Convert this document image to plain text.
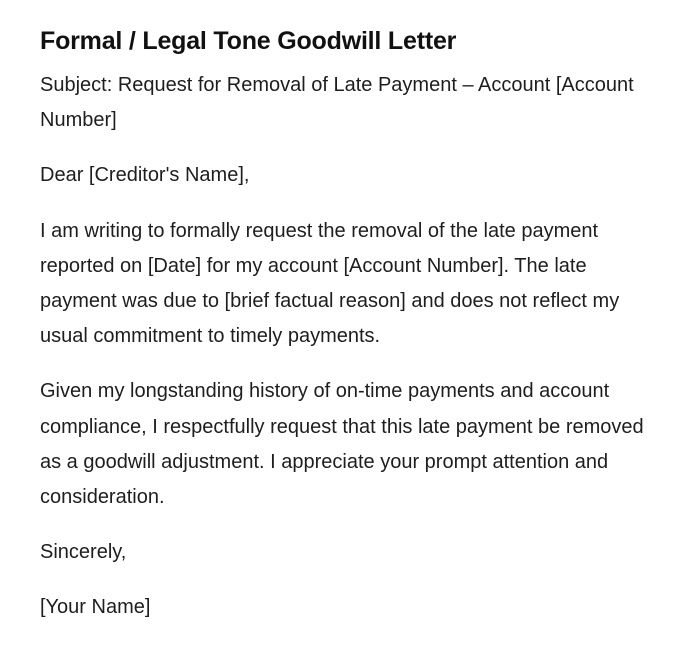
Formal / Legal Tone Goodwill Letter

Subject: Request for Removal of Late Payment – Account [Account Number]

Dear [Creditor's Name],

I am writing to formally request the removal of the late payment reported on [Date] for my account [Account Number]. The late payment was due to [brief factual reason] and does not reflect my usual commitment to timely payments.

Given my longstanding history of on-time payments and account compliance, I respectfully request that this late payment be removed as a goodwill adjustment. I appreciate your prompt attention and consideration.

Sincerely,

[Your Name]
